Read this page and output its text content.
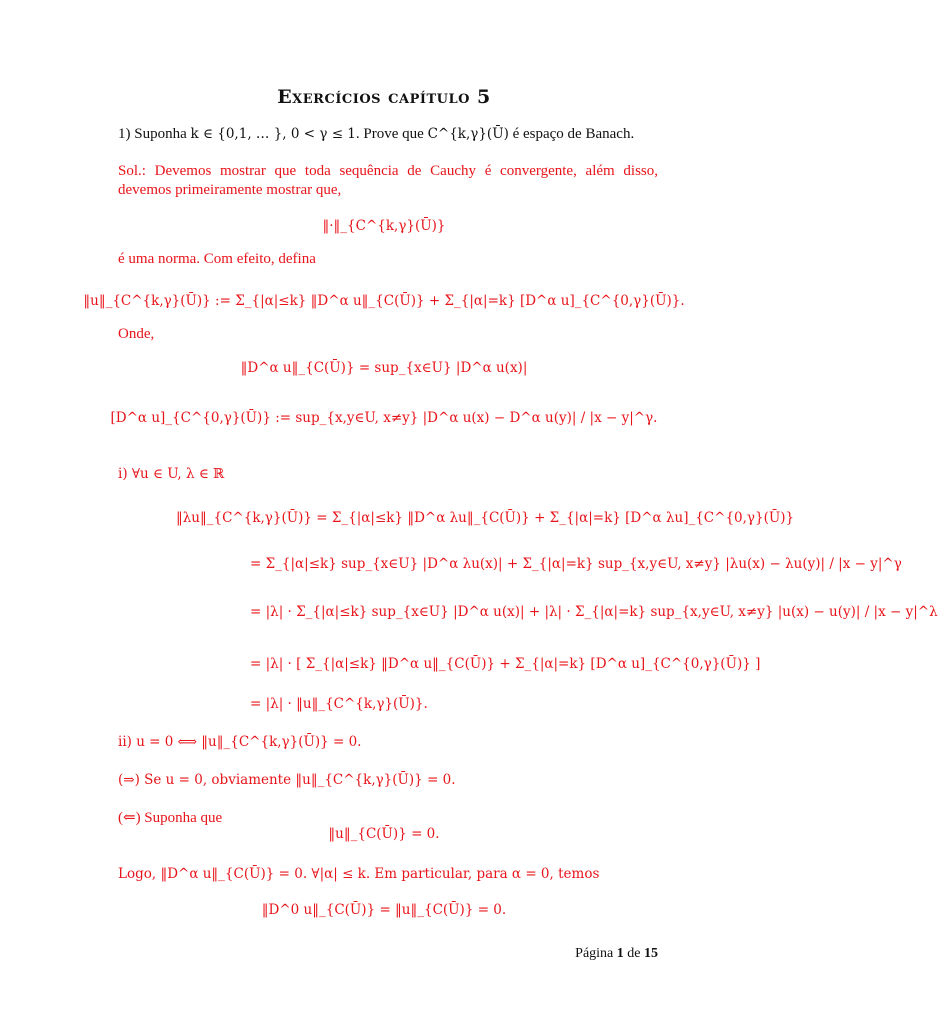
Exercícios capítulo 5
1) Suponha k ∈ {0,1, … }, 0 < γ ≤ 1. Prove que C^{k,γ}(Ū) é espaço de Banach.
Sol.: Devemos mostrar que toda sequência de Cauchy é convergente, além disso, devemos primeiramente mostrar que,
‖·‖_{C^{k,γ}(Ū)}
é uma norma. Com efeito, defina
‖u‖_{C^{k,γ}(Ū)} := Σ_{|α|≤k} ‖D^α u‖_{C(Ū)} + Σ_{|α|=k} [D^α u]_{C^{0,γ}(Ū)}.
Onde,
‖D^α u‖_{C(Ū)} = sup_{x∈U} |D^α u(x)|
[D^α u]_{C^{0,γ}(Ū)} := sup_{x,y∈U, x≠y} |D^α u(x) − D^α u(y)| / |x − y|^γ.
i) ∀u ∈ U, λ ∈ ℝ
‖λu‖_{C^{k,γ}(Ū)} = Σ_{|α|≤k} ‖D^α λu‖_{C(Ū)} + Σ_{|α|=k} [D^α λu]_{C^{0,γ}(Ū)}
= Σ_{|α|≤k} sup_{x∈U} |D^α λu(x)| + Σ_{|α|=k} sup_{x,y∈U, x≠y} |λu(x) − λu(y)| / |x − y|^γ
= |λ| · Σ_{|α|≤k} sup_{x∈U} |D^α u(x)| + |λ| · Σ_{|α|=k} sup_{x,y∈U, x≠y} |u(x) − u(y)| / |x − y|^λ
= |λ| · [ Σ_{|α|≤k} ‖D^α u‖_{C(Ū)} + Σ_{|α|=k} [D^α u]_{C^{0,γ}(Ū)} ]
= |λ| · ‖u‖_{C^{k,γ}(Ū)}.
ii) u = 0 ⟺ ‖u‖_{C^{k,γ}(Ū)} = 0.
(⇒) Se u = 0, obviamente ‖u‖_{C^{k,γ}(Ū)} = 0.
(⇐) Suponha que
‖u‖_{C(Ū)} = 0.
Logo, ‖D^α u‖_{C(Ū)} = 0. ∀|α| ≤ k. Em particular, para α = 0, temos
‖D^0 u‖_{C(Ū)} = ‖u‖_{C(Ū)} = 0.
Página 1 de 15
